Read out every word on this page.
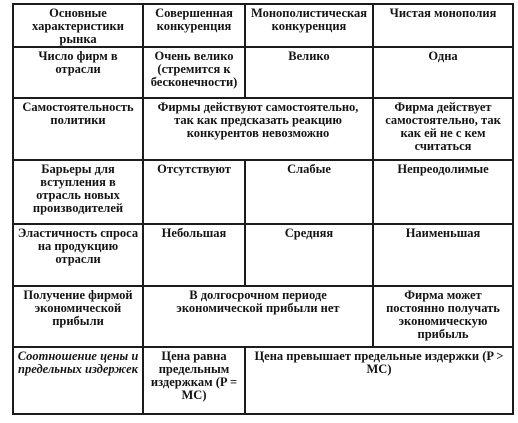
Основные характеристики рынка	Совершенная конкуренция	Монополистическая конкуренция	Чистая монополия
Число фирм в отрасли	Очень велико (стремится к бесконечности)	Велико	Одна
Самостоятельность политики	Фирмы действуют самостоятельно, так как предсказать реакцию конкурентов невозможно		Фирма действует самостоятельно, так как ей не с кем считаться
Барьеры для вступления в отрасль новых производителей	Отсутствуют	Слабые	Непреодолимые
Эластичность спроса на продукцию отрасли	Небольшая	Средняя	Наименьшая
Получение фирмой экономической прибыли	В долгосрочном периоде экономической прибыли нет		Фирма может постоянно получать экономическую прибыль
Соотношение цены и предельных издержек	Цена равна предельным издержкам (P = MC)	Цена превышает предельные издержки (P > MC)	
